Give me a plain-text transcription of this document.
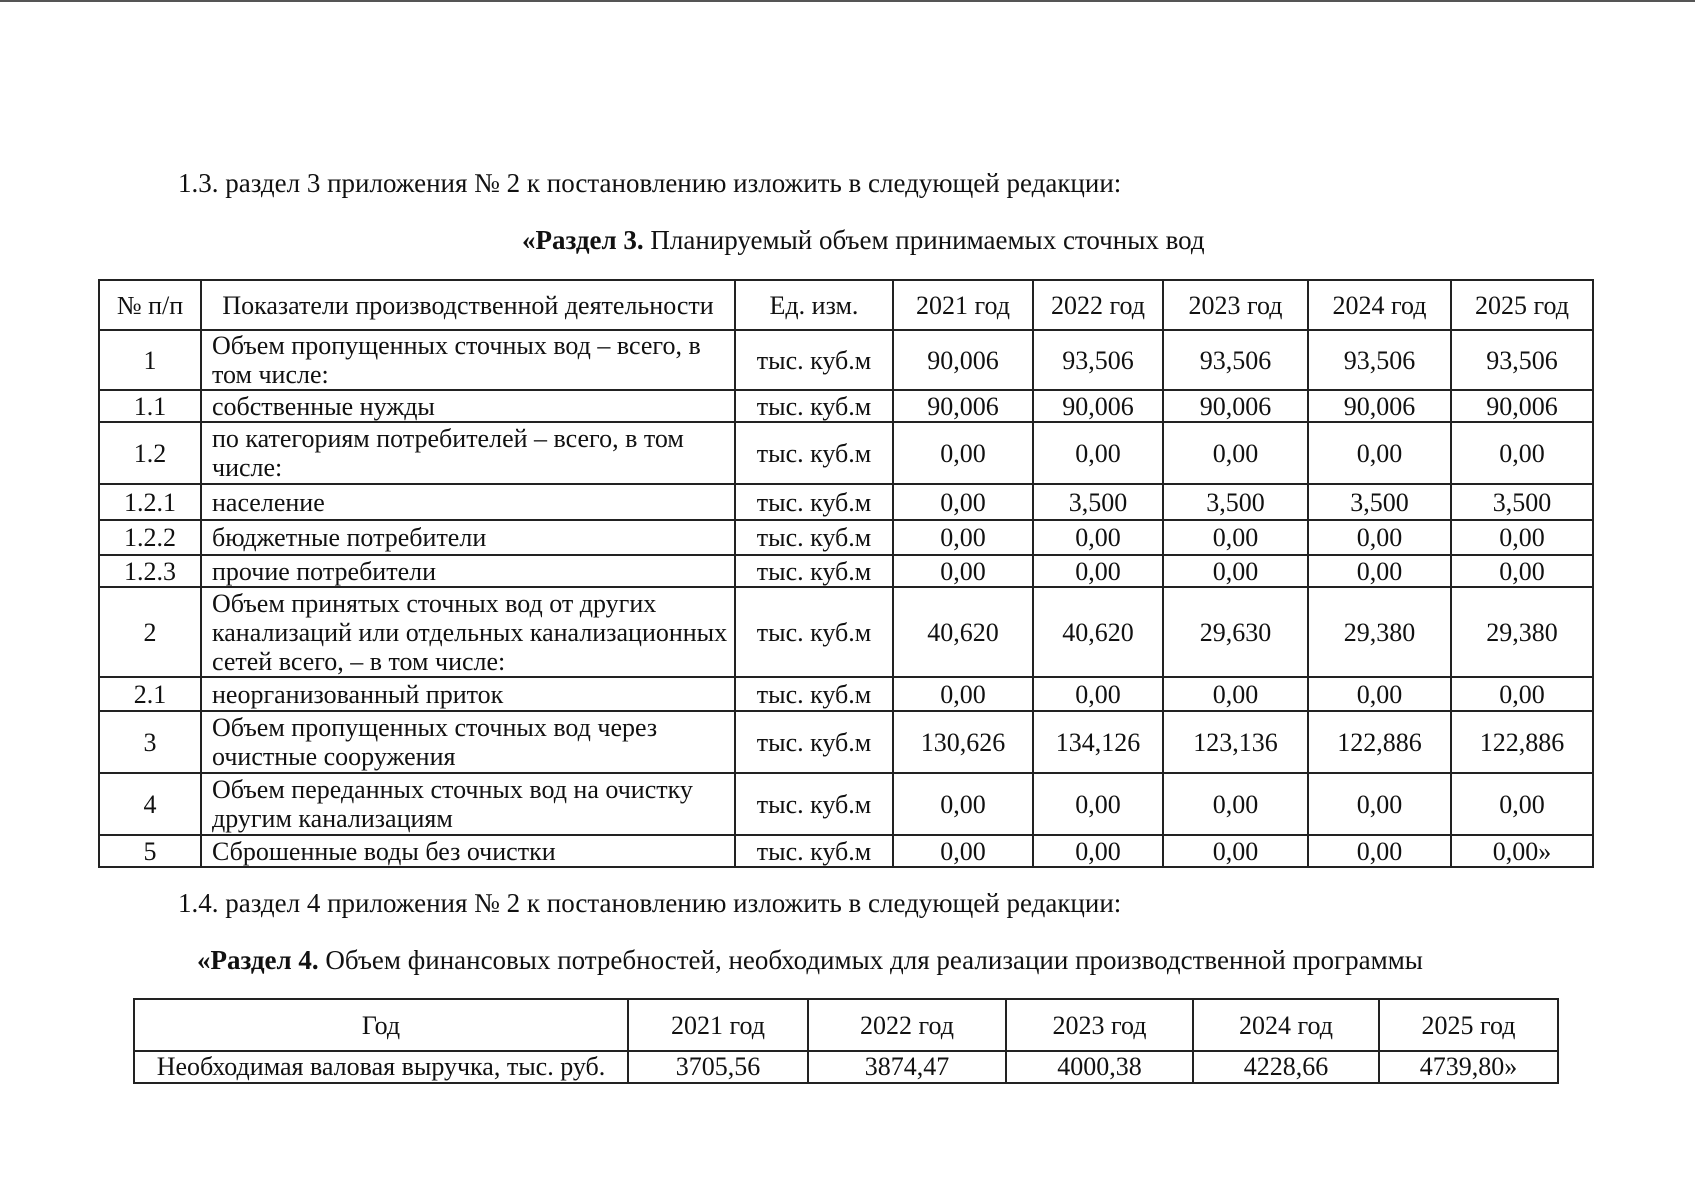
1.3. раздел 3 приложения № 2 к постановлению изложить в следующей редакции:
«Раздел 3. Планируемый объем принимаемых сточных вод
№ п/п	Показатели производственной деятельности	Ед. изм.	2021 год	2022 год	2023 год	2024 год	2025 год
1	Объем пропущенных сточных вод – всего, в том числе:	тыс. куб.м	90,006	93,506	93,506	93,506	93,506
1.1	собственные нужды	тыс. куб.м	90,006	90,006	90,006	90,006	90,006
1.2	по категориям потребителей – всего, в том числе:	тыс. куб.м	0,00	0,00	0,00	0,00	0,00
1.2.1	население	тыс. куб.м	0,00	3,500	3,500	3,500	3,500
1.2.2	бюджетные потребители	тыс. куб.м	0,00	0,00	0,00	0,00	0,00
1.2.3	прочие потребители	тыс. куб.м	0,00	0,00	0,00	0,00	0,00
2	Объем принятых сточных вод от других канализаций или отдельных канализационных сетей всего, – в том числе:	тыс. куб.м	40,620	40,620	29,630	29,380	29,380
2.1	неорганизованный приток	тыс. куб.м	0,00	0,00	0,00	0,00	0,00
3	Объем пропущенных сточных вод через очистные сооружения	тыс. куб.м	130,626	134,126	123,136	122,886	122,886
4	Объем переданных сточных вод на очистку другим канализациям	тыс. куб.м	0,00	0,00	0,00	0,00	0,00
5	Сброшенные воды без очистки	тыс. куб.м	0,00	0,00	0,00	0,00	0,00»
1.4. раздел 4 приложения № 2 к постановлению изложить в следующей редакции:
«Раздел 4. Объем финансовых потребностей, необходимых для реализации производственной программы
Год	2021 год	2022 год	2023 год	2024 год	2025 год
Необходимая валовая выручка, тыс. руб.	3705,56	3874,47	4000,38	4228,66	4739,80»
